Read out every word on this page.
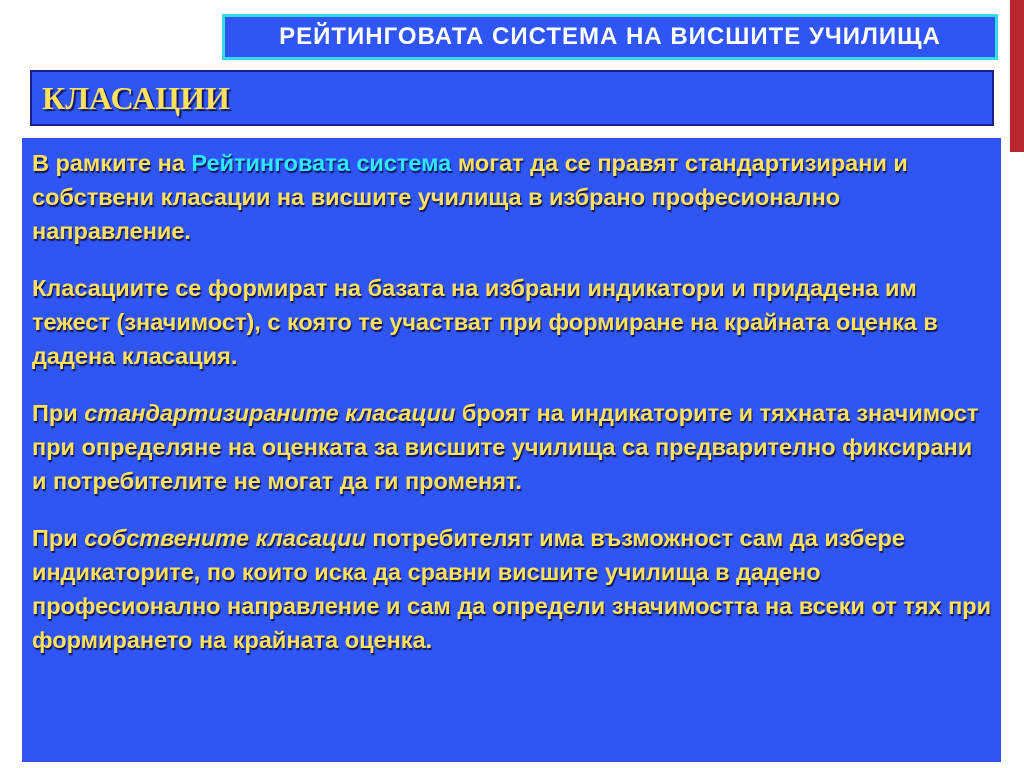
РЕЙТИНГОВАТА СИСТЕМА НА ВИСШИТЕ УЧИЛИЩА
КЛАСАЦИИ

В рамките на Рейтинговата система могат да се правят стандартизирани и собствени класации на висшите училища в избрано професионално направление.

Класациите се формират на базата на избрани индикатори и придадена им тежест (значимост), с която те участват при формиране на крайната оценка в дадена класация.

При стандартизираните класации броят на индикаторите и тяхната значимост при определяне на оценката за висшите училища са предварително фиксирани и потребителите не могат да ги променят.

При собствените класации потребителят има възможност сам да избере индикаторите, по които иска да сравни висшите училища в дадено професионално направление и сам да определи значимостта на всеки от тях при формирането на крайната оценка.
